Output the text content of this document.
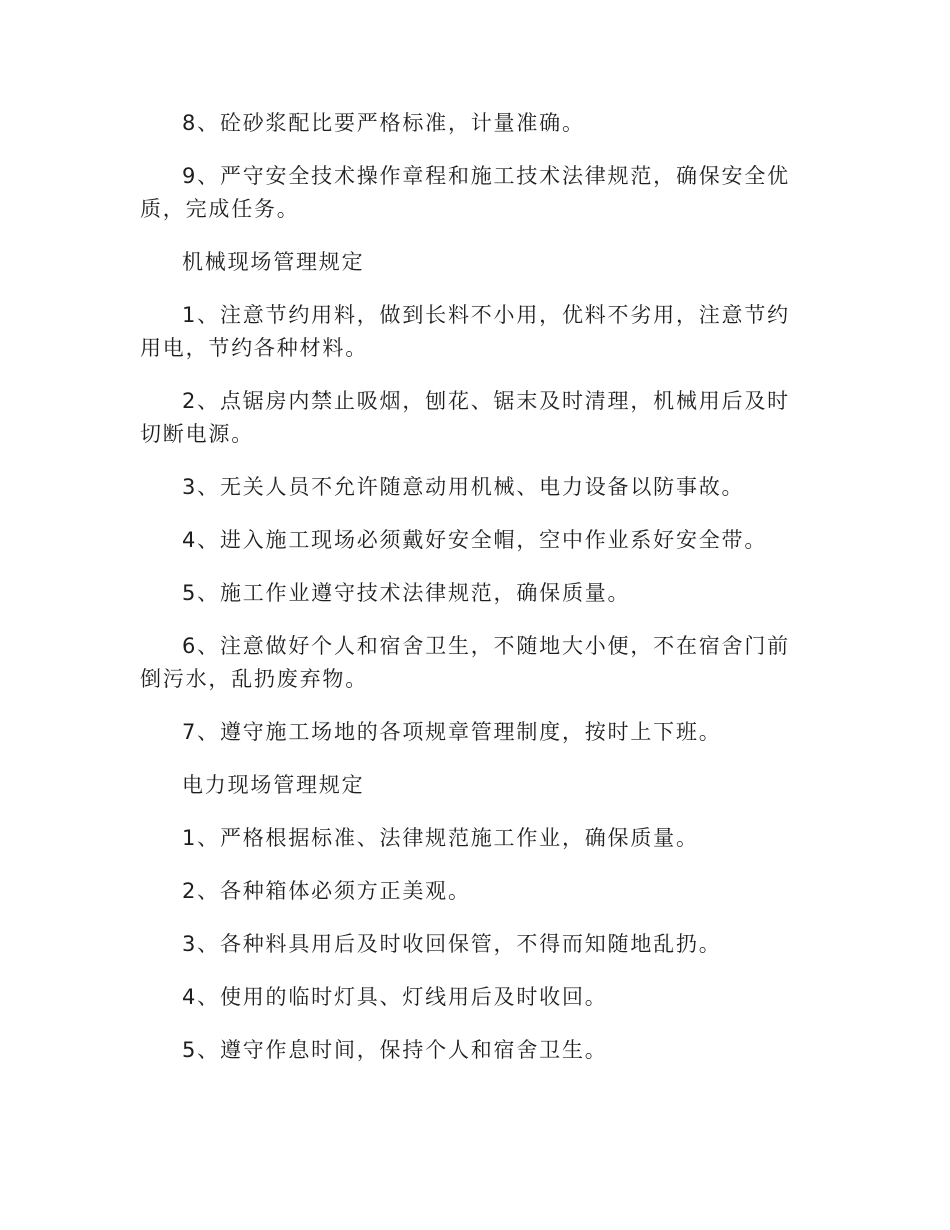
8、砼砂浆配比要严格标准，计量准确。

9、严守安全技术操作章程和施工技术法律规范，确保安全优质，完成任务。

机械现场管理规定

1、注意节约用料，做到长料不小用，优料不劣用，注意节约用电，节约各种材料。

2、点锯房内禁止吸烟，刨花、锯末及时清理，机械用后及时切断电源。

3、无关人员不允许随意动用机械、电力设备以防事故。

4、进入施工现场必须戴好安全帽，空中作业系好安全带。

5、施工作业遵守技术法律规范，确保质量。

6、注意做好个人和宿舍卫生，不随地大小便，不在宿舍门前倒污水，乱扔废弃物。

7、遵守施工场地的各项规章管理制度，按时上下班。

电力现场管理规定

1、严格根据标准、法律规范施工作业，确保质量。

2、各种箱体必须方正美观。

3、各种料具用后及时收回保管，不得而知随地乱扔。

4、使用的临时灯具、灯线用后及时收回。

5、遵守作息时间，保持个人和宿舍卫生。
